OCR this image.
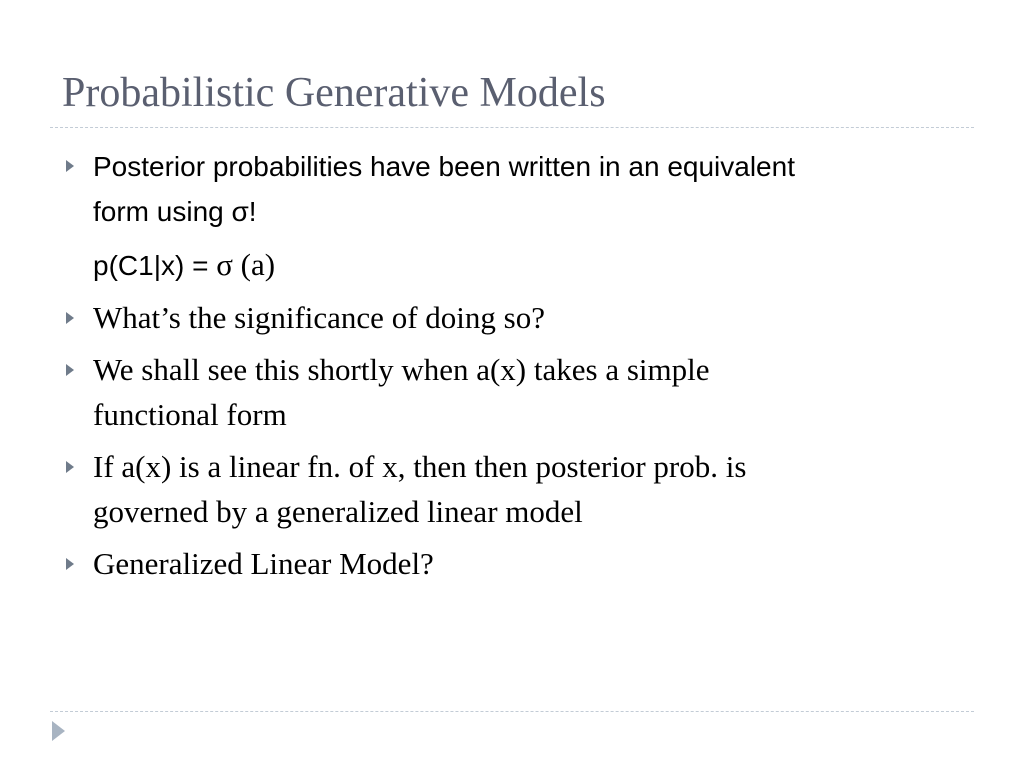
Probabilistic Generative Models
Posterior probabilities have been written in an equivalent
form using σ!
p(C1|x) = σ (a)
What’s the significance of doing so?
We shall see this shortly when a(x) takes a simple
functional form
If a(x) is a linear fn. of x, then then posterior prob. is
governed by a generalized linear model
Generalized Linear Model?
